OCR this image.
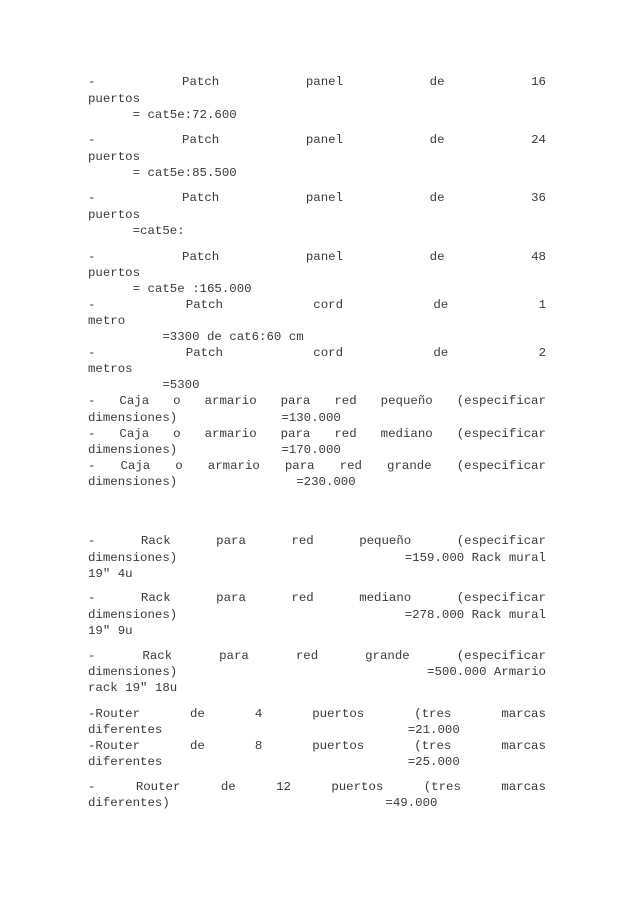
-	Patch	panel	de	16
puertos
= cat5e:72.600
-	Patch	panel	de	24
puertos
= cat5e:85.500
-	Patch	panel	de	36
puertos
=cat5e:
-	Patch	panel	de	48
puertos
= cat5e :165.000
-	Patch	cord	de	1
metro
=3300 de cat6:60 cm
-	Patch	cord	de	2
metros
=5300
- Caja o armario para red pequeño (especificar
dimensiones)              =130.000
- Caja o armario para red mediano (especificar
dimensiones)              =170.000
- Caja o armario para red grande (especificar
dimensiones)                =230.000
-	Rack	para	red	pequeño	(especificar
dimensiones)	=159.000 Rack mural
19" 4u
-	Rack	para	red	mediano	(especificar
dimensiones)	=278.000 Rack mural
19" 9u
-	Rack	para	red	grande	(especificar
dimensiones)	=500.000 Armario
rack 19" 18u
-Router	de	4	puertos	(tres	marcas
diferentes                                 =21.000
-Router	de	8	puertos	(tres	marcas
diferentes                                 =25.000
-	Router	de	12	puertos	(tres	marcas
diferentes)                             =49.000
